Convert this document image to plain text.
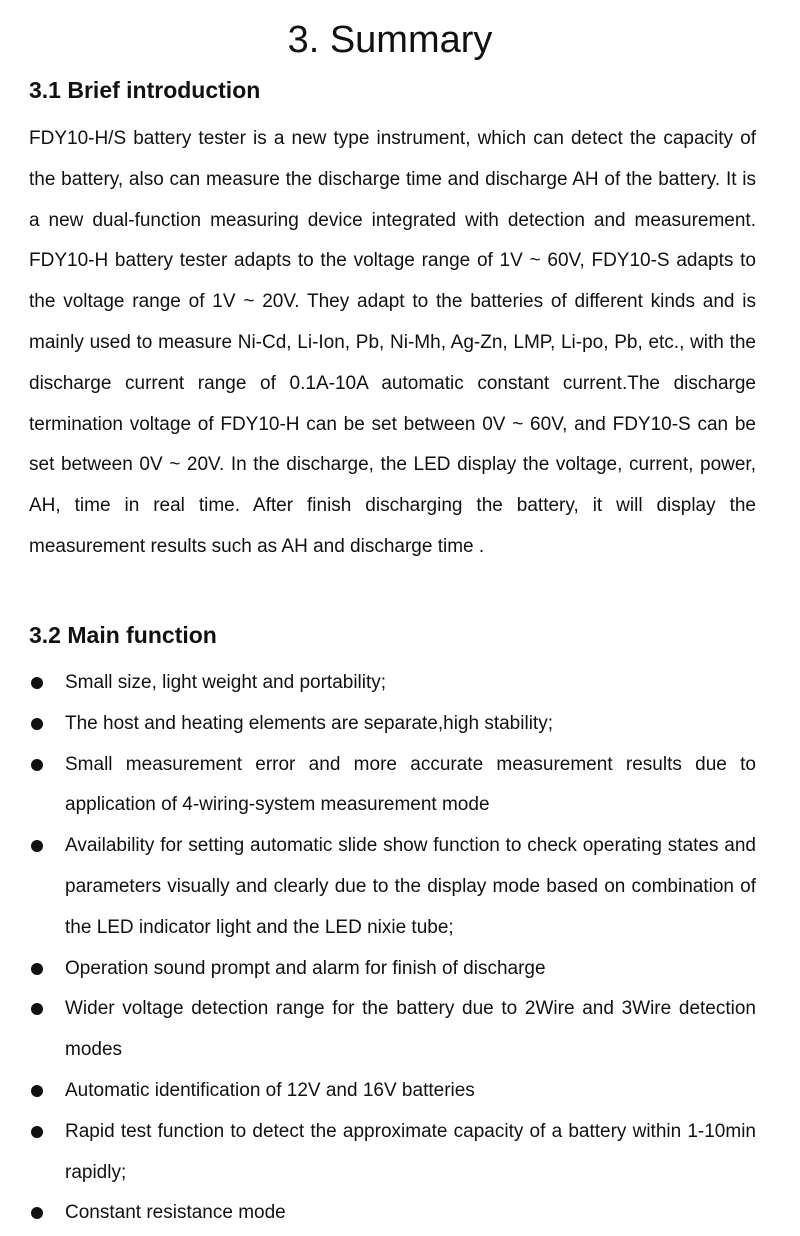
3. Summary
3.1 Brief introduction

FDY10-H/S battery tester is a new type instrument, which can detect the capacity of the battery, also can measure the discharge time and discharge AH of the battery. It is a new dual-function measuring device integrated with detection and measurement. FDY10-H battery tester adapts to the voltage range of 1V ~ 60V, FDY10-S adapts to the voltage range of 1V ~ 20V. They adapt to the batteries of different kinds and is mainly used to measure Ni-Cd, Li-Ion, Pb, Ni-Mh, Ag-Zn, LMP, Li-po, Pb, etc., with the discharge current range of 0.1A-10A automatic constant current.The discharge termination voltage of FDY10-H can be set between 0V ~ 60V, and FDY10-S can be set between 0V ~ 20V. In the discharge, the LED display the voltage, current, power, AH, time in real time. After finish discharging the battery, it will display the measurement results such as AH and discharge time .

3.2 Main function
Small size, light weight and portability;
The host and heating elements are separate,high stability;
Small measurement error and more accurate measurement results due to application of 4-wiring-system measurement mode
Availability for setting automatic slide show function to check operating states and parameters visually and clearly due to the display mode based on combination of the LED indicator light and the LED nixie tube;
Operation sound prompt and alarm for finish of discharge
Wider voltage detection range for the battery due to 2Wire and 3Wire detection modes
Automatic identification of 12V and 16V batteries
Rapid test function to detect the approximate capacity of a battery within 1-10min rapidly;
Constant resistance mode
